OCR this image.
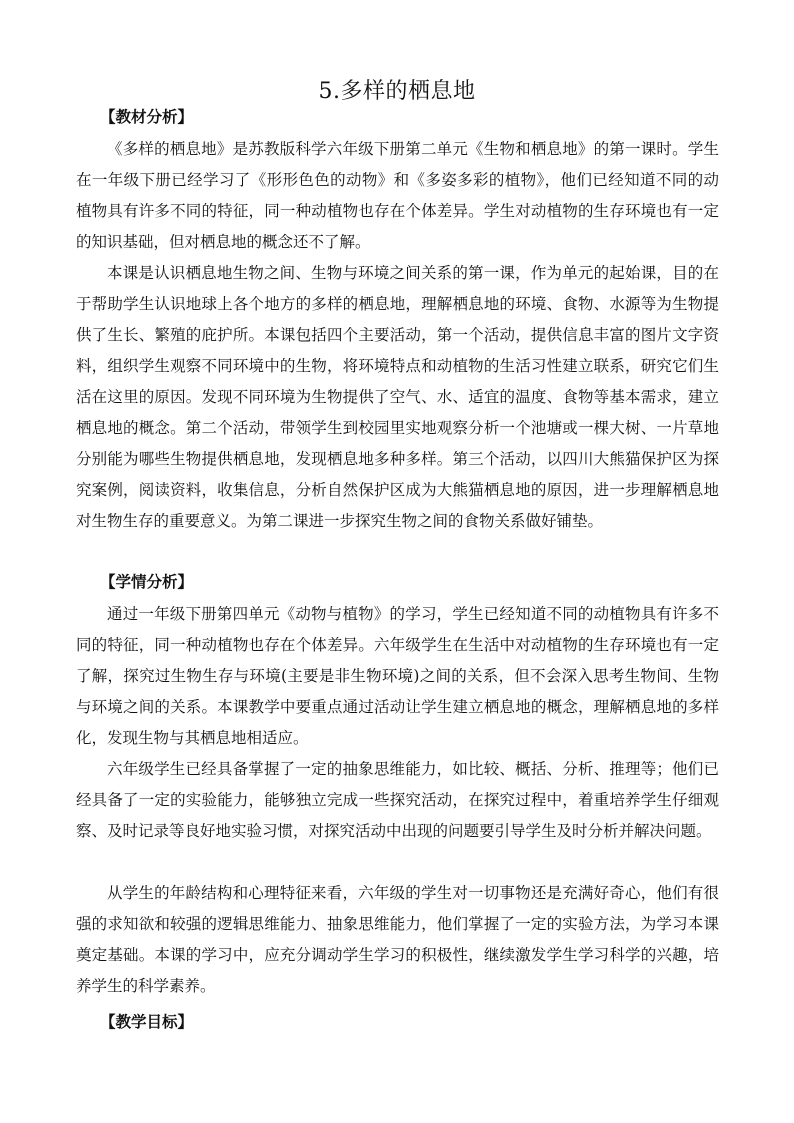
5.多样的栖息地
【教材分析】

《多样的栖息地》是苏教版科学六年级下册第二单元《生物和栖息地》的第一课时。学生在一年级下册已经学习了《形形色色的动物》和《多姿多彩的植物》，他们已经知道不同的动植物具有许多不同的特征，同一种动植物也存在个体差异。学生对动植物的生存环境也有一定的知识基础，但对栖息地的概念还不了解。

本课是认识栖息地生物之间、生物与环境之间关系的第一课，作为单元的起始课，目的在于帮助学生认识地球上各个地方的多样的栖息地，理解栖息地的环境、食物、水源等为生物提供了生长、繁殖的庇护所。本课包括四个主要活动，第一个活动，提供信息丰富的图片文字资料，组织学生观察不同环境中的生物，将环境特点和动植物的生活习性建立联系，研究它们生活在这里的原因。发现不同环境为生物提供了空气、水、适宜的温度、食物等基本需求，建立栖息地的概念。第二个活动，带领学生到校园里实地观察分析一个池塘或一棵大树、一片草地分别能为哪些生物提供栖息地，发现栖息地多种多样。第三个活动，以四川大熊猫保护区为探究案例，阅读资料，收集信息，分析自然保护区成为大熊猫栖息地的原因，进一步理解栖息地对生物生存的重要意义。为第二课进一步探究生物之间的食物关系做好铺垫。

【学情分析】

通过一年级下册第四单元《动物与植物》的学习，学生已经知道不同的动植物具有许多不同的特征，同一种动植物也存在个体差异。六年级学生在生活中对动植物的生存环境也有一定了解，探究过生物生存与环境(主要是非生物环境)之间的关系，但不会深入思考生物间、生物与环境之间的关系。本课教学中要重点通过活动让学生建立栖息地的概念，理解栖息地的多样化，发现生物与其栖息地相适应。

六年级学生已经具备掌握了一定的抽象思维能力，如比较、概括、分析、推理等；他们已经具备了一定的实验能力，能够独立完成一些探究活动，在探究过程中，着重培养学生仔细观察、及时记录等良好地实验习惯，对探究活动中出现的问题要引导学生及时分析并解决问题。

从学生的年龄结构和心理特征来看，六年级的学生对一切事物还是充满好奇心，他们有很强的求知欲和较强的逻辑思维能力、抽象思维能力，他们掌握了一定的实验方法，为学习本课奠定基础。本课的学习中，应充分调动学生学习的积极性，继续激发学生学习科学的兴趣，培养学生的科学素养。

【教学目标】
